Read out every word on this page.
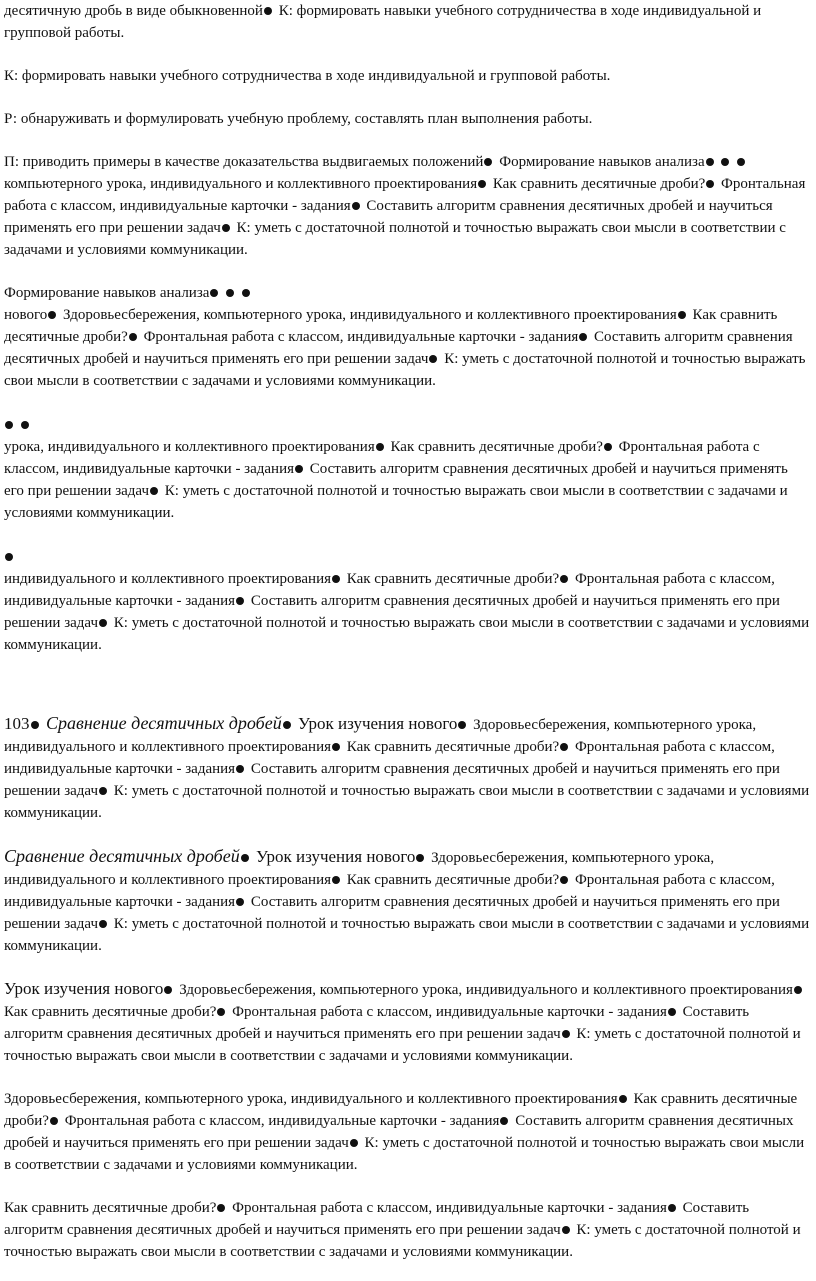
десятичную дробь в виде обыкновенной К: формировать навыки учебного сотрудничества в ходе индивидуальной и групповой работы.

К: формировать навыки учебного сотрудничества в ходе индивидуальной и групповой работы.

Р: обнаруживать и формулировать учебную проблему, составлять план выполнения работы.

П: приводить примеры в качестве доказательства выдвигаемых положений Формирование навыков анализа

компьютерного урока, индивидуального и коллективного проектирования Как сравнить десятичные дроби? Фронтальная работа с классом, индивидуальные карточки - задания Составить алгоритм сравнения десятичных дробей и научиться применять его при решении задач К: уметь с достаточной полнотой и точностью выражать свои мысли в соответствии с задачами и условиями коммуникации.

Формирование навыков анализа

нового Здоровьесбережения, компьютерного урока, индивидуального и коллективного проектирования Как сравнить десятичные дроби? Фронтальная работа с классом, индивидуальные карточки - задания Составить алгоритм сравнения десятичных дробей и научиться применять его при решении задач К: уметь с достаточной полнотой и точностью выражать свои мысли в соответствии с задачами и условиями коммуникации.

урока, индивидуального и коллективного проектирования Как сравнить десятичные дроби? Фронтальная работа с классом, индивидуальные карточки - задания Составить алгоритм сравнения десятичных дробей и научиться применять его при решении задач К: уметь с достаточной полнотой и точностью выражать свои мысли в соответствии с задачами и условиями коммуникации.

индивидуального и коллективного проектирования Как сравнить десятичные дроби? Фронтальная работа с классом, индивидуальные карточки - задания Составить алгоритм сравнения десятичных дробей и научиться применять его при решении задач К: уметь с достаточной полнотой и точностью выражать свои мысли в соответствии с задачами и условиями коммуникации.

103 Сравнение десятичных дробей Урок изучения нового Здоровьесбережения, компьютерного урока, индивидуального и коллективного проектирования Как сравнить десятичные дроби? Фронтальная работа с классом, индивидуальные карточки - задания Составить алгоритм сравнения десятичных дробей и научиться применять его при решении задач К: уметь с достаточной полнотой и точностью выражать свои мысли в соответствии с задачами и условиями коммуникации.

Сравнение десятичных дробей Урок изучения нового Здоровьесбережения, компьютерного урока, индивидуального и коллективного проектирования Как сравнить десятичные дроби? Фронтальная работа с классом, индивидуальные карточки - задания Составить алгоритм сравнения десятичных дробей и научиться применять его при решении задач К: уметь с достаточной полнотой и точностью выражать свои мысли в соответствии с задачами и условиями коммуникации.

Урок изучения нового Здоровьесбережения, компьютерного урока, индивидуального и коллективного проектирования Как сравнить десятичные дроби? Фронтальная работа с классом, индивидуальные карточки - задания Составить алгоритм сравнения десятичных дробей и научиться применять его при решении задач К: уметь с достаточной полнотой и точностью выражать свои мысли в соответствии с задачами и условиями коммуникации.

Здоровьесбережения, компьютерного урока, индивидуального и коллективного проектирования Как сравнить десятичные дроби? Фронтальная работа с классом, индивидуальные карточки - задания Составить алгоритм сравнения десятичных дробей и научиться применять его при решении задач К: уметь с достаточной полнотой и точностью выражать свои мысли в соответствии с задачами и условиями коммуникации.

Как сравнить десятичные дроби? Фронтальная работа с классом, индивидуальные карточки - задания Составить алгоритм сравнения десятичных дробей и научиться применять его при решении задач К: уметь с достаточной полнотой и точностью выражать свои мысли в соответствии с задачами и условиями коммуникации.
